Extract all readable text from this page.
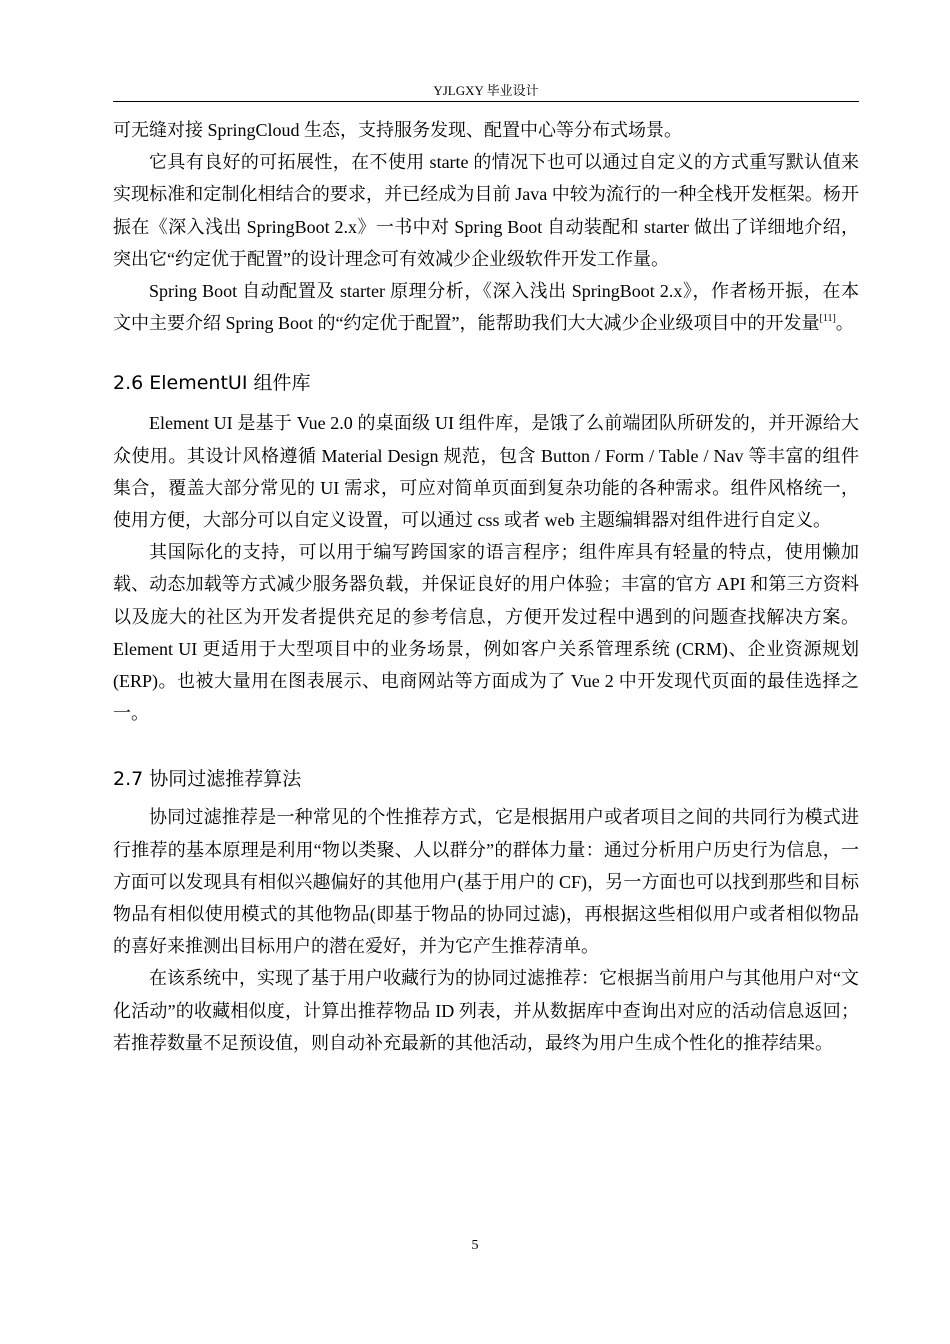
YJLGXY 毕业设计

可无缝对接 SpringCloud 生态，支持服务发现、配置中心等分布式场景。

它具有良好的可拓展性，在不使用 starte 的情况下也可以通过自定义的方式重写默认值来实现标准和定制化相结合的要求，并已经成为目前 Java 中较为流行的一种全栈开发框架。杨开振在《深入浅出 SpringBoot 2.x》一书中对 Spring Boot 自动装配和 starter 做出了详细地介绍，突出它“约定优于配置”的设计理念可有效减少企业级软件开发工作量。

Spring Boot 自动配置及 starter 原理分析，《深入浅出 SpringBoot 2.x》，作者杨开振，在本文中主要介绍 Spring Boot 的“约定优于配置”，能帮助我们大大减少企业级项目中的开发量[11]。

2.6 ElementUI 组件库

Element UI 是基于 Vue 2.0 的桌面级 UI 组件库，是饿了么前端团队所研发的，并开源给大众使用。其设计风格遵循 Material Design 规范，包含 Button / Form / Table / Nav 等丰富的组件集合，覆盖大部分常见的 UI 需求，可应对简单页面到复杂功能的各种需求。组件风格统一，使用方便，大部分可以自定义设置，可以通过 css 或者 web 主题编辑器对组件进行自定义。

其国际化的支持，可以用于编写跨国家的语言程序；组件库具有轻量的特点，使用懒加载、动态加载等方式减少服务器负载，并保证良好的用户体验；丰富的官方 API 和第三方资料以及庞大的社区为开发者提供充足的参考信息，方便开发过程中遇到的问题查找解决方案。Element UI 更适用于大型项目中的业务场景，例如客户关系管理系统 (CRM)、企业资源规划(ERP)。也被大量用在图表展示、电商网站等方面成为了 Vue 2 中开发现代页面的最佳选择之一。

2.7 协同过滤推荐算法

协同过滤推荐是一种常见的个性推荐方式，它是根据用户或者项目之间的共同行为模式进行推荐的基本原理是利用“物以类聚、人以群分”的群体力量：通过分析用户历史行为信息，一方面可以发现具有相似兴趣偏好的其他用户(基于用户的 CF)，另一方面也可以找到那些和目标物品有相似使用模式的其他物品(即基于物品的协同过滤)，再根据这些相似用户或者相似物品的喜好来推测出目标用户的潜在爱好，并为它产生推荐清单。

在该系统中，实现了基于用户收藏行为的协同过滤推荐：它根据当前用户与其他用户对“文化活动”的收藏相似度，计算出推荐物品 ID 列表，并从数据库中查询出对应的活动信息返回；若推荐数量不足预设值，则自动补充最新的其他活动，最终为用户生成个性化的推荐结果。

5
